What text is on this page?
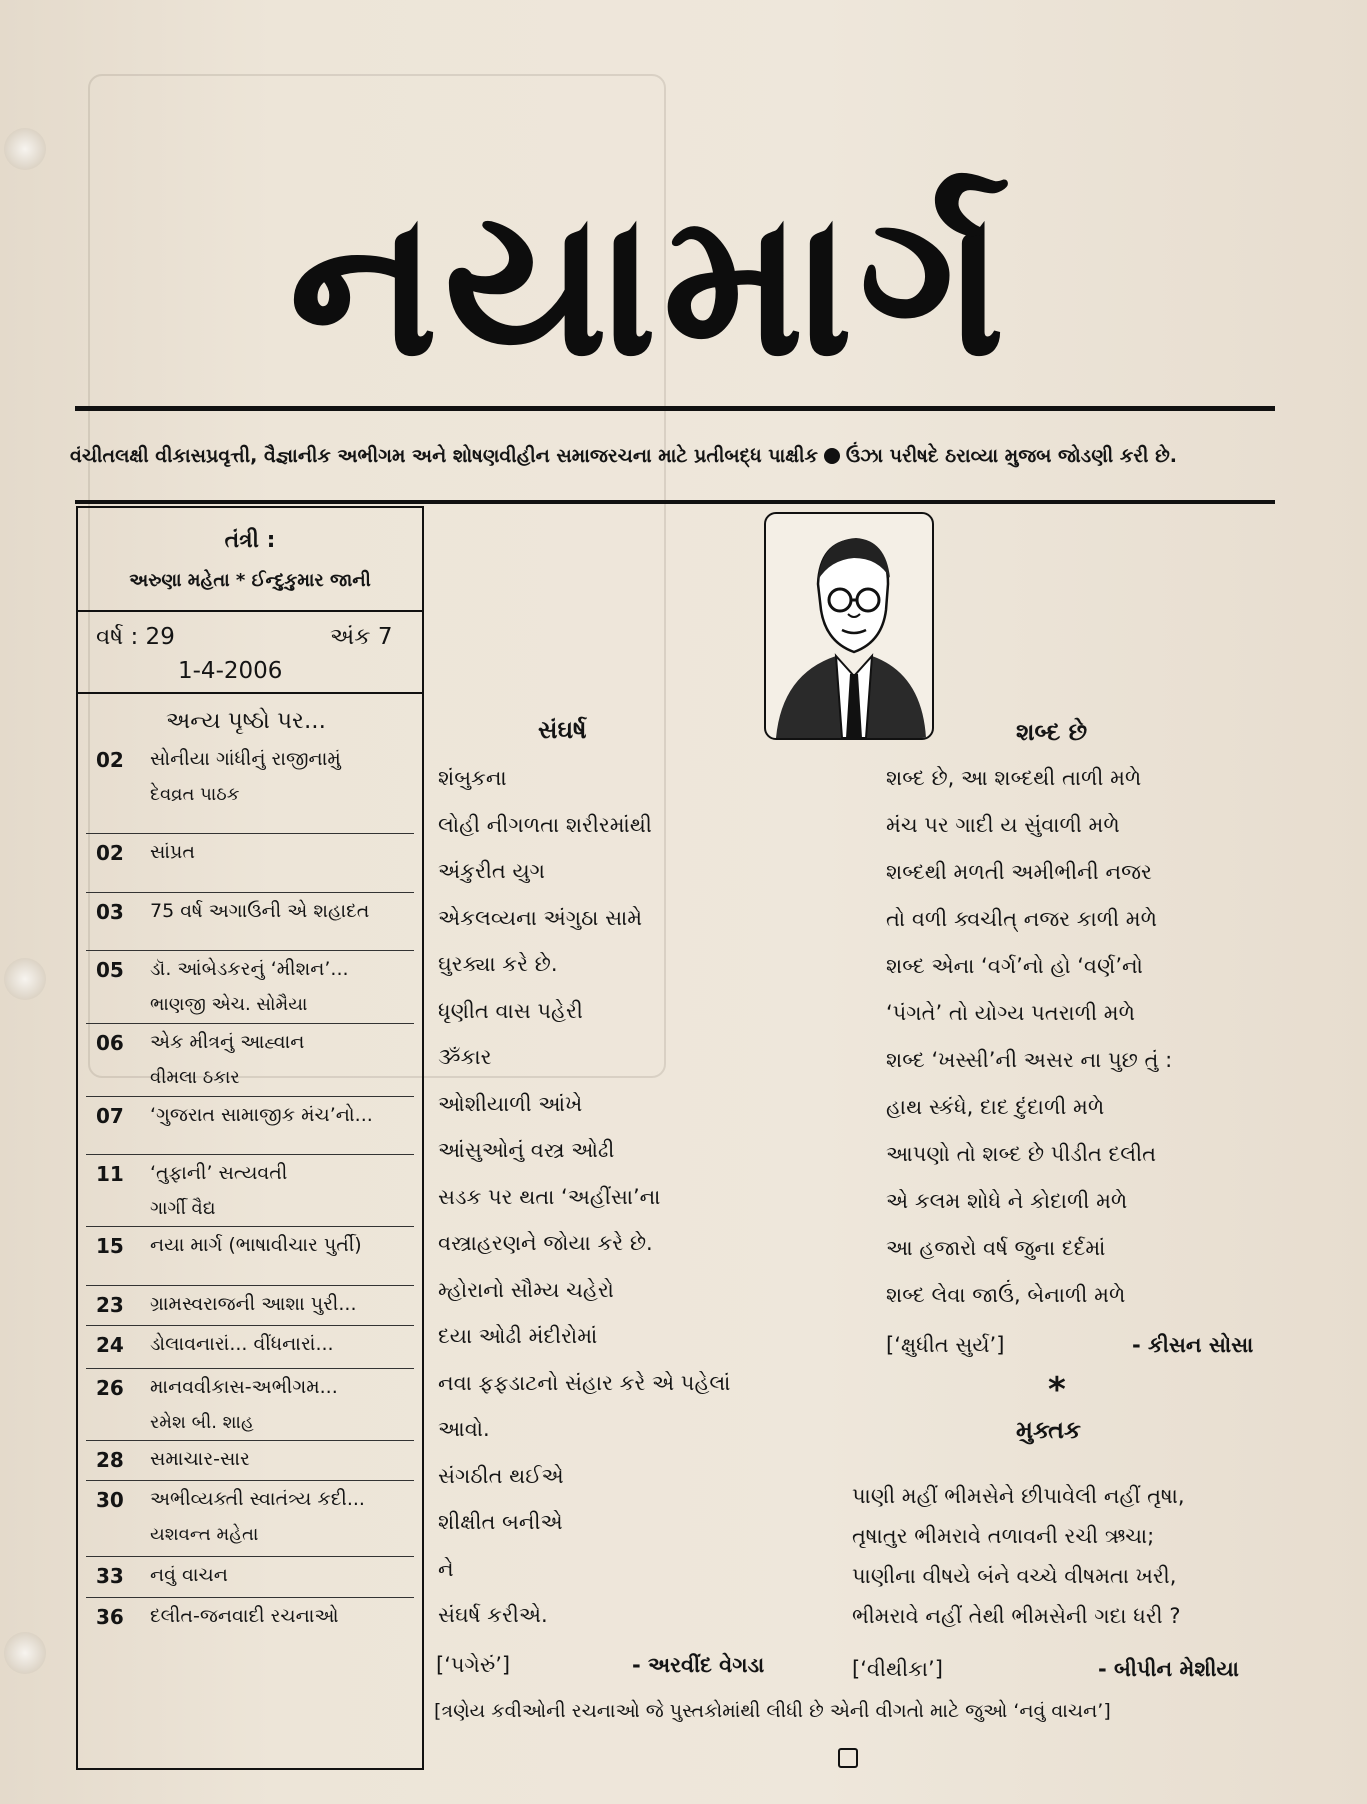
નયામાર્ગ
વંચીતલક્ષી વીકાસપ્રવૃત્તી, વૈજ્ઞાનીક અભીગમ અને શોષણવીહીન સમાજરચના માટે પ્રતીબદ્ધ પાક્ષીક ઉંઝા પરીષદે ઠરાવ્યા મુજબ જોડણી કરી છે.
તંત્રી :
અરુણા મહેતા * ઈન્દુકુમાર જાની
વર્ષ : 29	અંક 7
1-4-2006
અન્ય પૃષ્ઠો પર...
02 સોનીયા ગાંધીનું રાજીનામું
દેવવ્રત પાઠક
02 સાંપ્રત
03 75 વર્ષ અગાઉની એ શહાદત
05 ડૉ. આંબેડકરનું ‘મીશન’...
ભાણજી એચ. સોમૈયા
06 એક મીત્રનું આહ્વાન
વીમલા ઠકાર
07 ‘ગુજરાત સામાજીક મંચ’નો...
11 ‘તુફાની’ સત્યવતી
ગાર્ગી વૈદ્ય
15 નયા માર્ગ (ભાષાવીચાર પુર્તી)
23 ગ્રામસ્વરાજની આશા પુરી...
24 ડોલાવનારાં... વીંધનારાં...
26 માનવવીકાસ-અભીગમ...
રમેશ બી. શાહ
28 સમાચાર-સાર
30 અભીવ્યક્તી સ્વાતંત્ર્ય કદી...
યશવન્ત મહેતા
33 નવું વાચન
36 દલીત-જનવાદી રચનાઓ
સંઘર્ષ
શંબુકના
લોહી નીગળતા શરીરમાંથી
અંકુરીત યુગ
એકલવ્યના અંગુઠા સામે
ઘુરક્યા કરે છે.
ધૃણીત વાસ પહેરી
ૐકાર
ઓશીયાળી આંખે
આંસુઓનું વસ્ત્ર ઓઢી
સડક પર થતા ‘અહીંસા’ના
વસ્ત્રાહરણને જોયા કરે છે.
મ્હોરાનો સૌમ્ય ચહેરો
દયા ઓઢી મંદીરોમાં
નવા ફફડાટનો સંહાર કરે એ પહેલાં
આવો.
સંગઠીત થઈએ
શીક્ષીત બનીએ
ને
સંઘર્ષ કરીએ.
[‘પગેરું’]	- અરવીંદ વેગડા
શબ્દ છે
શબ્દ છે, આ શબ્દથી તાળી મળે
મંચ પર ગાદી ય સુંવાળી મળે
શબ્દથી મળતી અમીભીની નજર
તો વળી ક્વચીત્ નજર કાળી મળે
શબ્દ એના ‘વર્ગ’નો હો ‘વર્ણ’નો
‘પંગતે’ તો યોગ્ય પતરાળી મળે
શબ્દ ‘ખસ્સી’ની અસર ના પુછ તું :
હાથ સ્કંધે, દાદ દુંદાળી મળે
આપણો તો શબ્દ છે પીડીત દલીત
એ કલમ શોધે ને કોદાળી મળે
આ હજારો વર્ષ જુના દર્દમાં
શબ્દ લેવા જાઉં, બેનાળી મળે
[‘ક્ષુધીત સુર્ય’]	- કીસન સોસા
*
મુક્તક
પાણી મહીં ભીમસેને છીપાવેલી નહીં તૃષા,
તૃષાતુર ભીમરાવે તળાવની રચી ઋચા;
પાણીના વીષયે બંને વચ્ચે વીષમતા ખરી,
ભીમરાવે નહીં તેથી ભીમસેની ગદા ધરી ?
[‘વીથીકા’]	- બીપીન મેશીયા
[ત્રણેય કવીઓની રચનાઓ જે પુસ્તકોમાંથી લીધી છે એની વીગતો માટે જુઓ ‘નવું વાચન’]
